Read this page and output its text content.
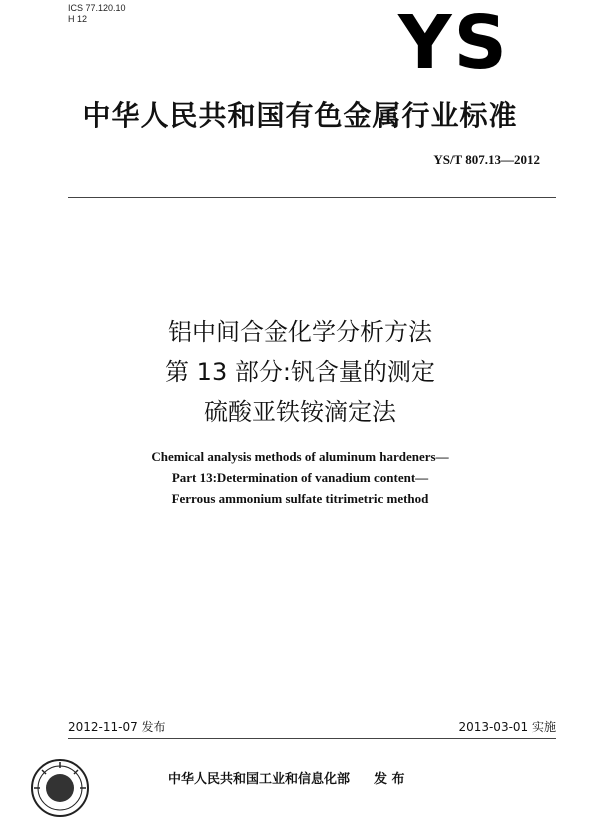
ICS 77.120.10
H 12	YS
中华人民共和国有色金属行业标准
YS/T 807.13—2012
铝中间合金化学分析方法
第 13 部分:钒含量的测定
硫酸亚铁铵滴定法
Chemical analysis methods of aluminum hardeners—
Part 13:Determination of vanadium content—
Ferrous ammonium sulfate titrimetric method
2012-11-07 发布	2013-03-01 实施
中华人民共和国工业和信息化部 发 布
